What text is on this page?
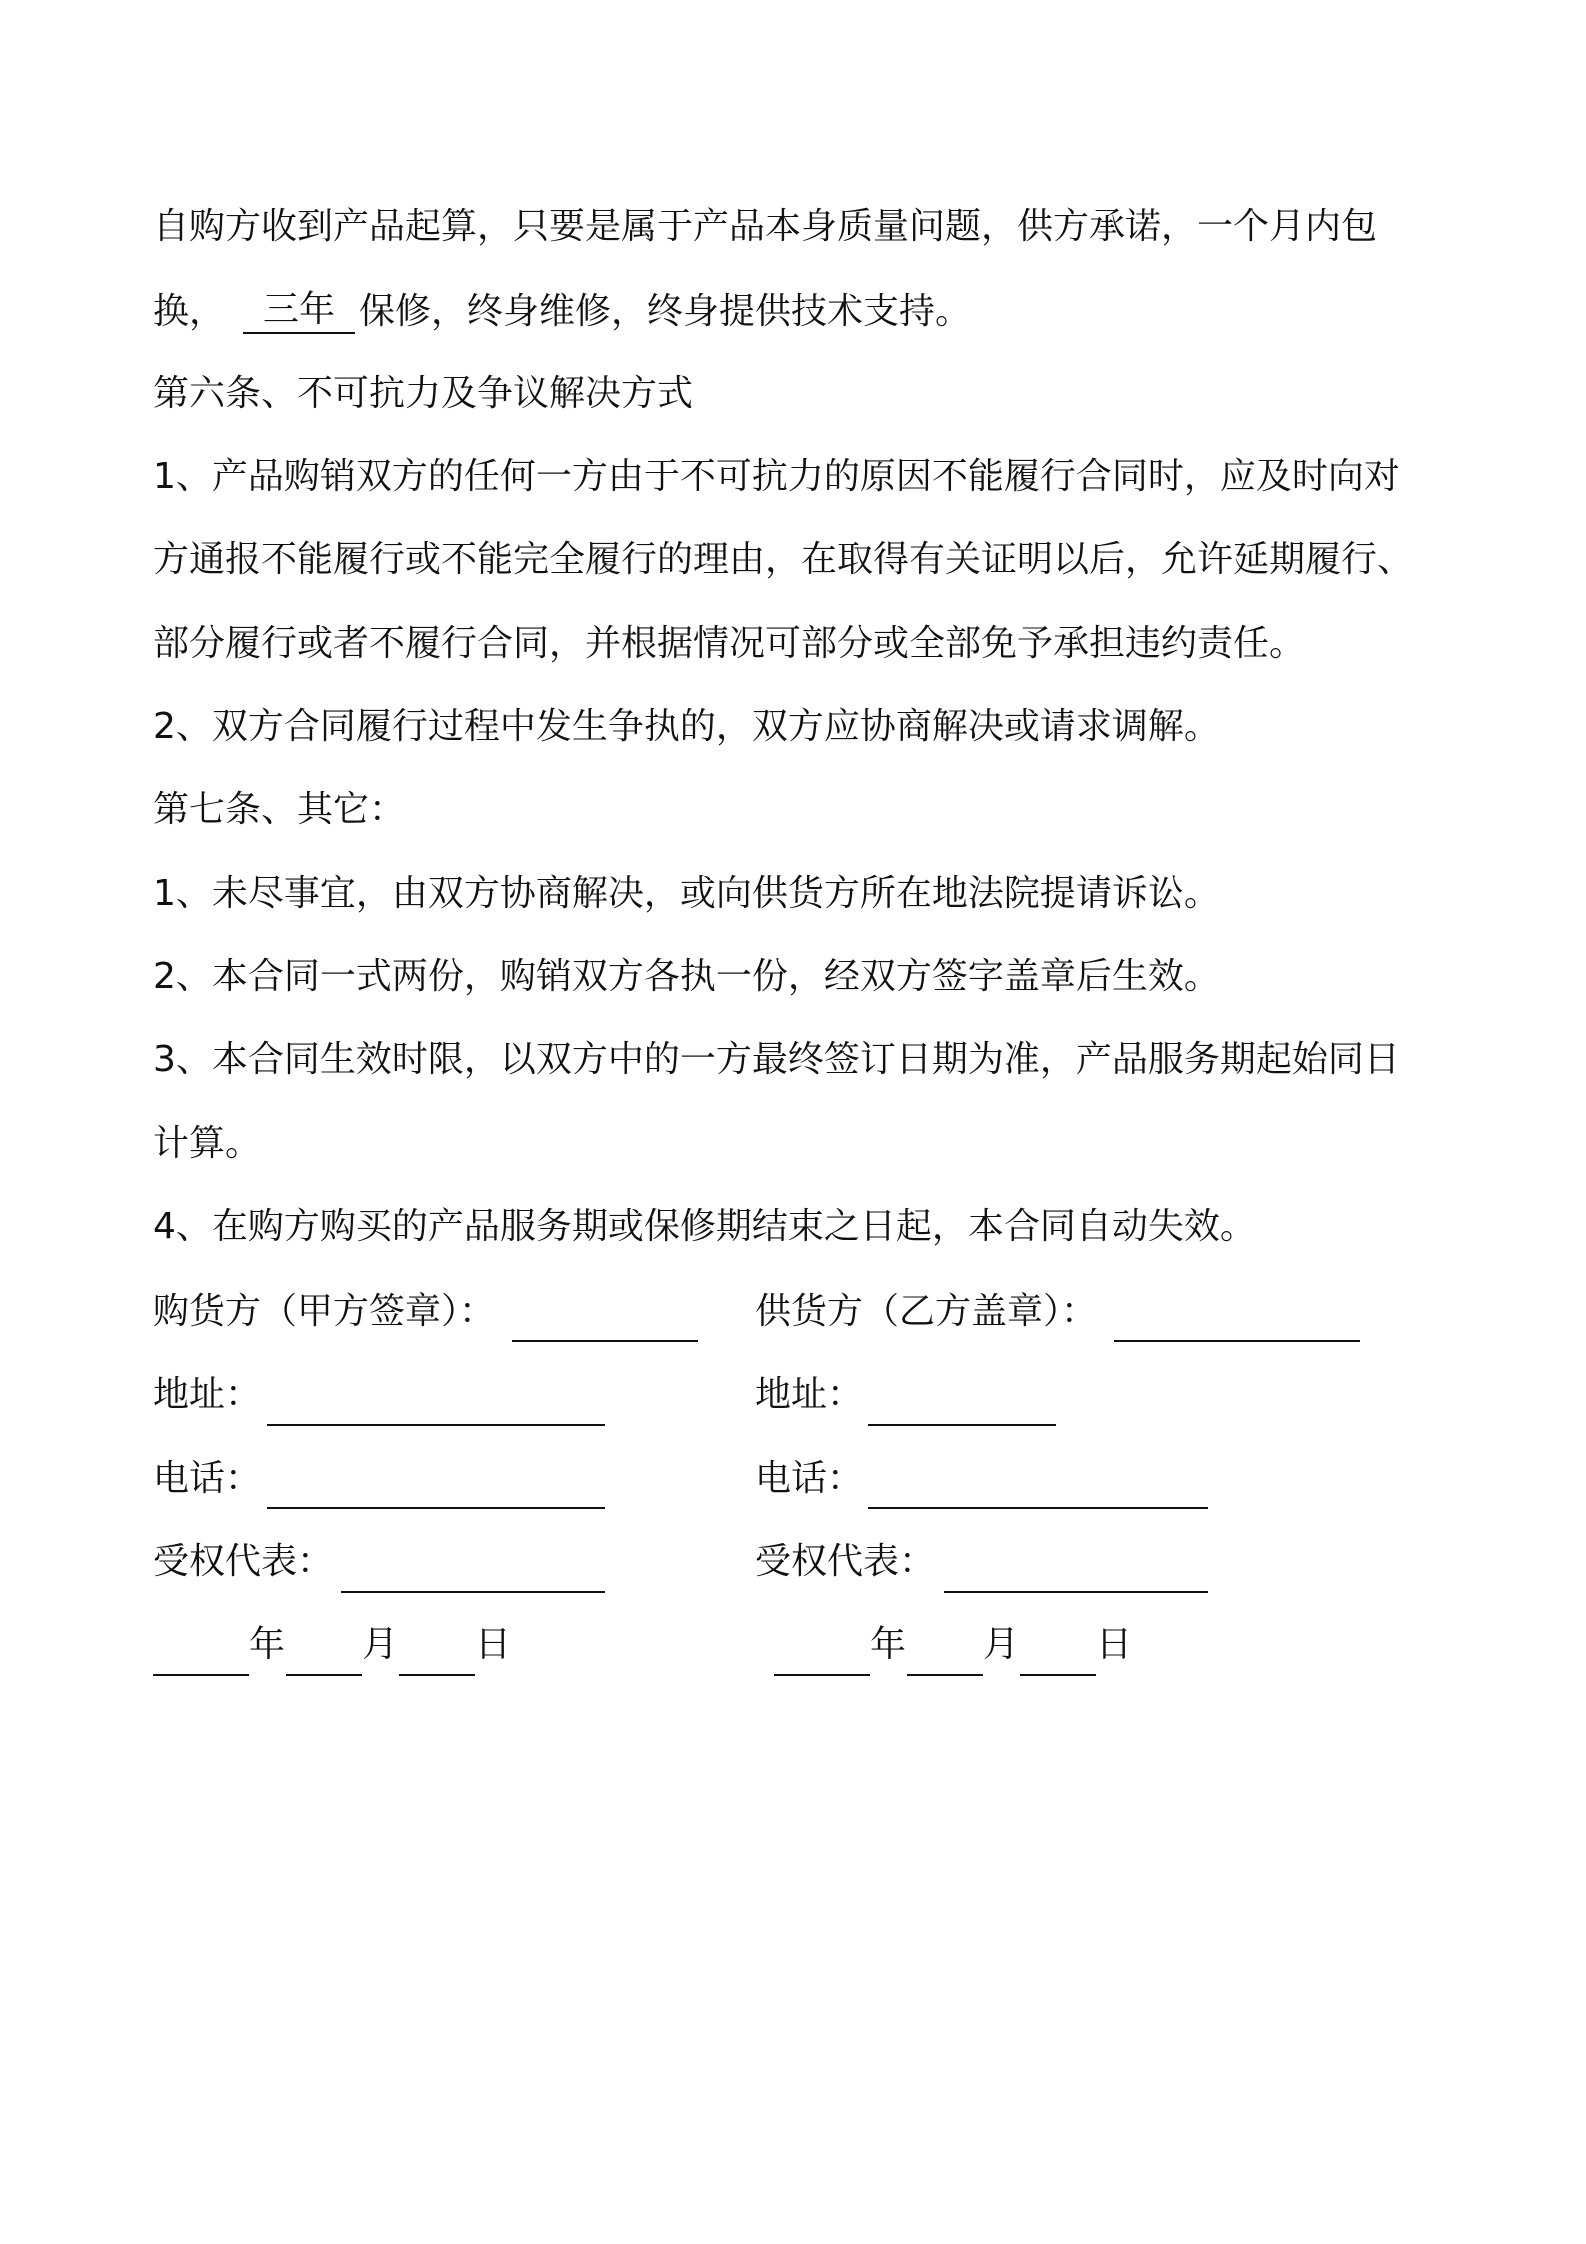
自购方收到产品起算，只要是属于产品本身质量问题，供方承诺，一个月内包
换， 三年 保修，终身维修，终身提供技术支持。
第六条、不可抗力及争议解决方式
1、产品购销双方的任何一方由于不可抗力的原因不能履行合同时，应及时向对
方通报不能履行或不能完全履行的理由，在取得有关证明以后，允许延期履行、
部分履行或者不履行合同，并根据情况可部分或全部免予承担违约责任。
2、双方合同履行过程中发生争执的，双方应协商解决或请求调解。
第七条、其它：
1、未尽事宜，由双方协商解决，或向供货方所在地法院提请诉讼。
2、本合同一式两份，购销双方各执一份，经双方签字盖章后生效。
3、本合同生效时限，以双方中的一方最终签订日期为准，产品服务期起始同日
计算。
4、在购方购买的产品服务期或保修期结束之日起，本合同自动失效。
购货方（甲方签章）：
地址：
电话：
受权代表：
年 月 日
供货方（乙方盖章）：
地址：
电话：
受权代表：
年 月 日
